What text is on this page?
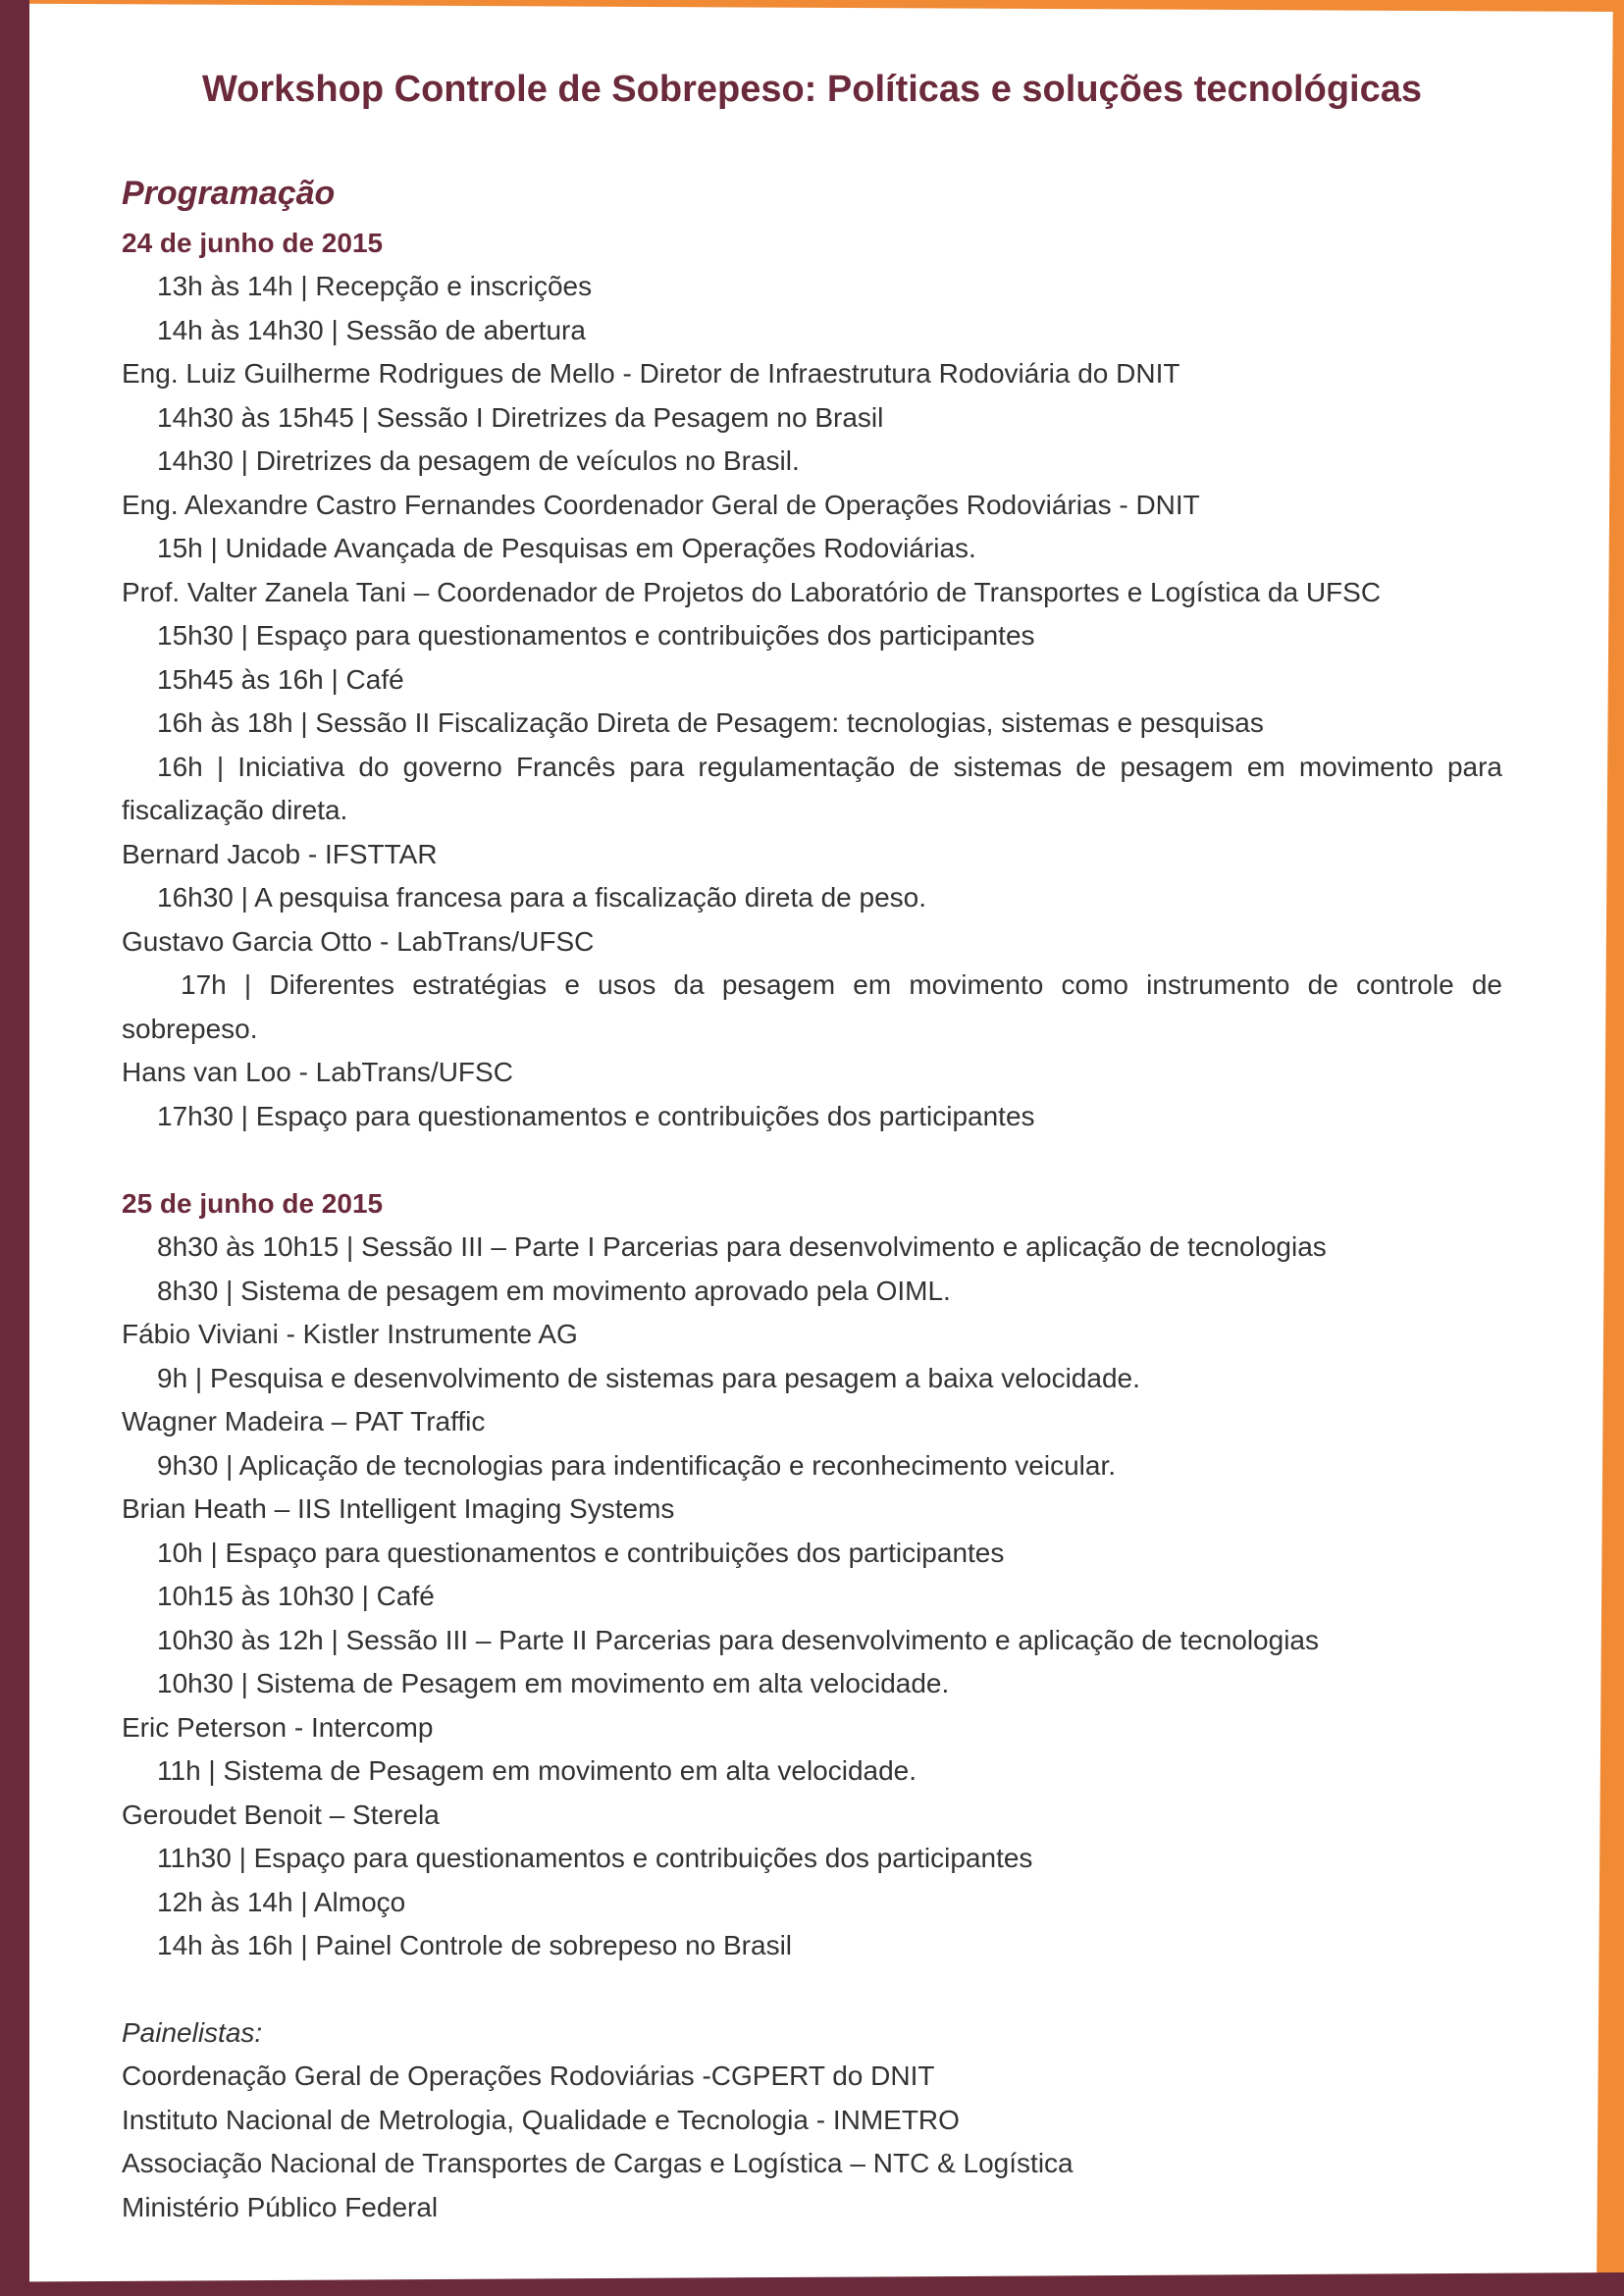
Workshop Controle de Sobrepeso: Políticas e soluções tecnológicas
Programação
24 de junho de 2015
13h às 14h | Recepção e inscrições
14h às 14h30 | Sessão de abertura
Eng. Luiz Guilherme Rodrigues de Mello - Diretor de Infraestrutura Rodoviária do DNIT
14h30 às 15h45 | Sessão I Diretrizes da Pesagem no Brasil
14h30 | Diretrizes da pesagem de veículos no Brasil.
Eng. Alexandre Castro Fernandes Coordenador Geral de Operações Rodoviárias - DNIT
15h | Unidade Avançada de Pesquisas em Operações Rodoviárias.
Prof. Valter Zanela Tani – Coordenador de Projetos do Laboratório de Transportes e Logística da UFSC
15h30 | Espaço para questionamentos e contribuições dos participantes
15h45 às 16h | Café
16h às 18h | Sessão II Fiscalização Direta de Pesagem: tecnologias, sistemas e pesquisas
16h | Iniciativa do governo Francês para regulamentação de sistemas de pesagem em movimento para
fiscalização direta.
Bernard Jacob - IFSTTAR
16h30 | A pesquisa francesa para a fiscalização direta de peso.
Gustavo Garcia Otto - LabTrans/UFSC
17h | Diferentes estratégias e usos da pesagem em movimento como instrumento de controle de
sobrepeso.
Hans van Loo - LabTrans/UFSC
17h30 | Espaço para questionamentos e contribuições dos participantes
25 de junho de 2015
8h30 às 10h15 | Sessão III – Parte I Parcerias para desenvolvimento e aplicação de tecnologias
8h30 | Sistema de pesagem em movimento aprovado pela OIML.
Fábio Viviani - Kistler Instrumente AG
9h | Pesquisa e desenvolvimento de sistemas para pesagem a baixa velocidade.
Wagner Madeira – PAT Traffic
9h30 | Aplicação de tecnologias para indentificação e reconhecimento veicular.
Brian Heath – IIS Intelligent Imaging Systems
10h | Espaço para questionamentos e contribuições dos participantes
10h15 às 10h30 | Café
10h30 às 12h | Sessão III – Parte II Parcerias para desenvolvimento e aplicação de tecnologias
10h30 | Sistema de Pesagem em movimento em alta velocidade.
Eric Peterson - Intercomp
11h | Sistema de Pesagem em movimento em alta velocidade.
Geroudet Benoit – Sterela
11h30 | Espaço para questionamentos e contribuições dos participantes
12h às 14h | Almoço
14h às 16h | Painel Controle de sobrepeso no Brasil
Painelistas:
Coordenação Geral de Operações Rodoviárias -CGPERT do DNIT
Instituto Nacional de Metrologia, Qualidade e Tecnologia - INMETRO
Associação Nacional de Transportes de Cargas e Logística – NTC & Logística
Ministério Público Federal
